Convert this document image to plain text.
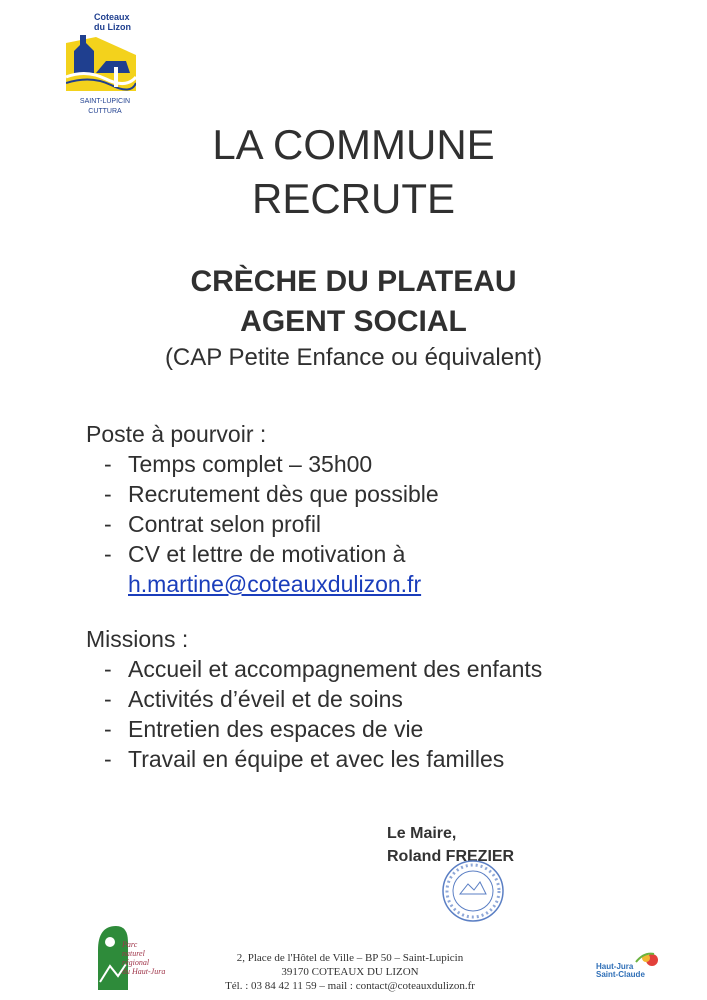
Coteaux
du Lizon
SAINT-LUPICIN
CUTTURA
LA COMMUNE
RECRUTE
CRÈCHE DU PLATEAU
AGENT SOCIAL
(CAP Petite Enfance ou équivalent)
Poste à pourvoir :
- Temps complet – 35h00
- Recrutement dès que possible
- Contrat selon profil
- CV et lettre de motivation à
h.martine@coteauxdulizon.fr
Missions :
- Accueil et accompagnement des enfants
- Activités d’éveil et de soins
- Entretien des espaces de vie
- Travail en équipe et avec les familles
Le Maire,
Roland FREZIER
Parc
naturel
régional
du Haut-Jura
2, Place de l'Hôtel de Ville – BP 50 – Saint-Lupicin
39170 COTEAUX DU LIZON
Tél. : 03 84 42 11 59 – mail : contact@coteauxdulizon.fr
Haut-Jura
Saint-Claude
